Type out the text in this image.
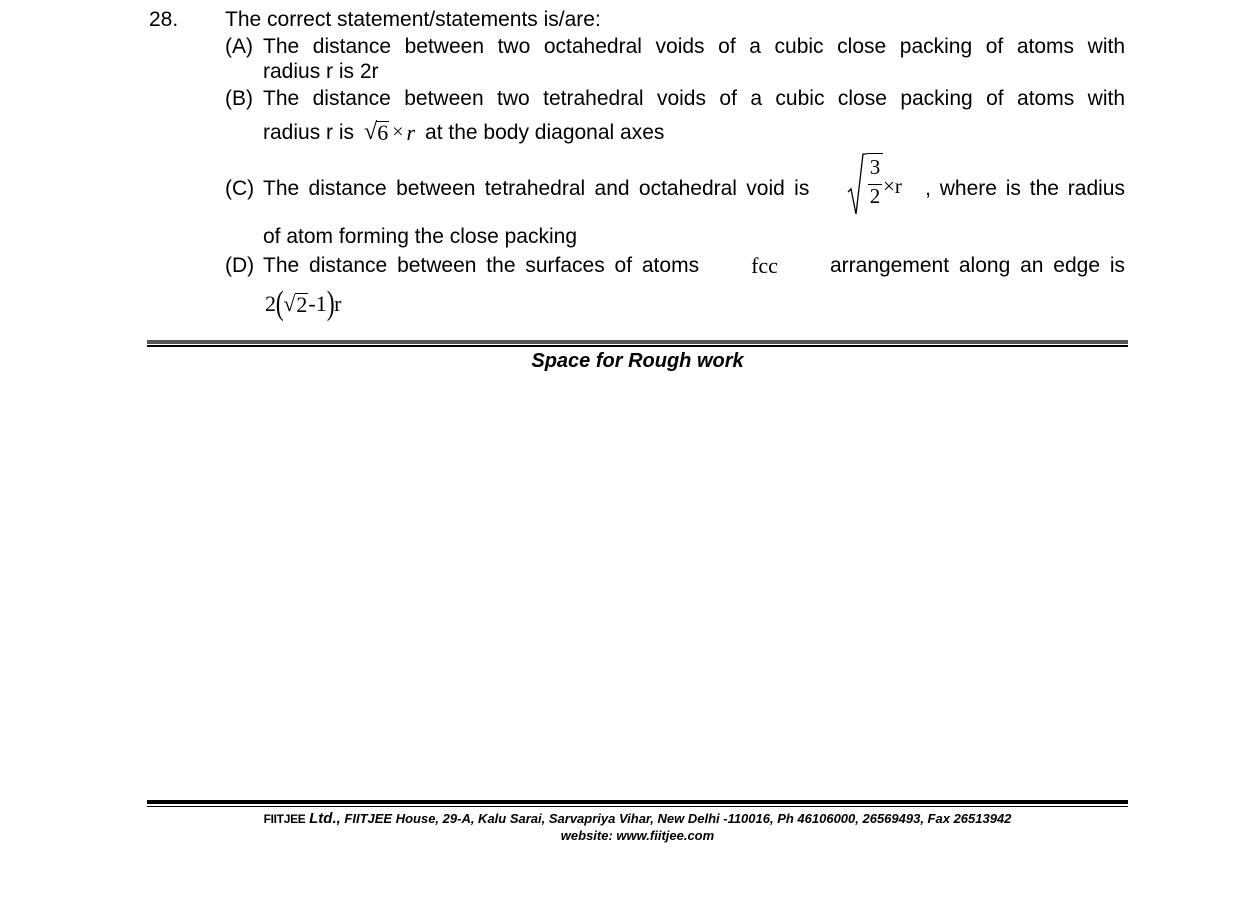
28. The correct statement/statements is/are:
(A) The distance between two octahedral voids of a cubic close packing of atoms with
radius r is 2r
(B) The distance between two tetrahedral voids of a cubic close packing of atoms with
radius r is √ 6 × r at the body diagonal axes
(C) The distance between tetrahedral and octahedral void is	, where is the radius
3
2 ×r
of atom forming the close packing
(D) The distance between the surfaces of atoms fcc arrangement along an edge is
2 ( √ 2 -1 ) r
Space for Rough work
FIITJEE Ltd., FIITJEE House, 29-A, Kalu Sarai, Sarvapriya Vihar, New Delhi -110016, Ph 46106000, 26569493, Fax 26513942
website: www.fiitjee.com
